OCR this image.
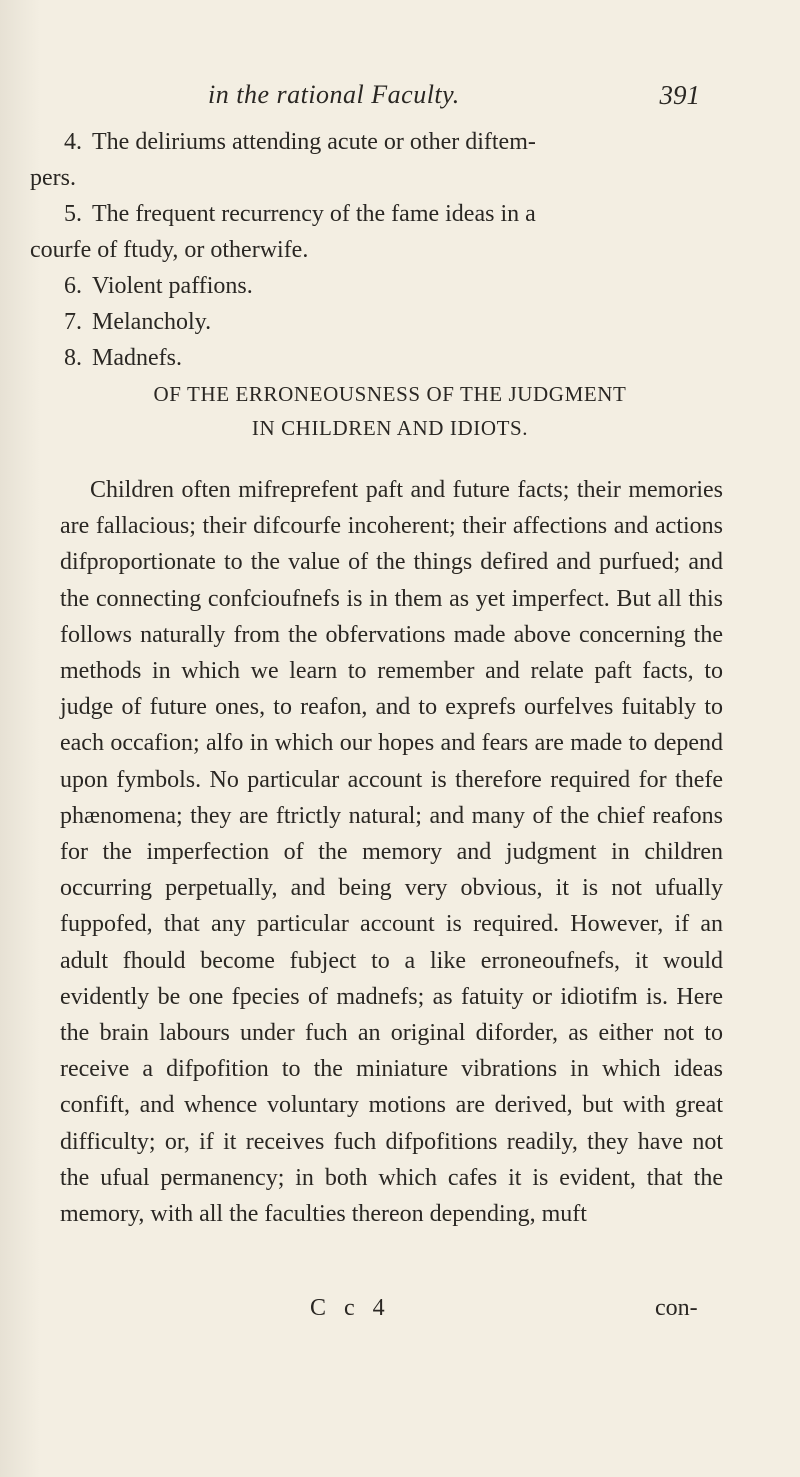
in the rational Faculty.	391
4. The deliriums attending acute or other diftem-
pers.
5. The frequent recurrency of the fame ideas in a
courfe of ftudy, or otherwife.
6. Violent paffions.
7. Melancholy.
8. Madnefs.
OF THE ERRONEOUSNESS OF THE JUDGMENT
IN CHILDREN AND IDIOTS.

Children often mifreprefent paft and future facts; their memories are fallacious; their difcourfe incoherent; their affections and actions difproportionate to the value of the things defired and purfued; and the connecting confcioufnefs is in them as yet imperfect. But all this follows naturally from the obfervations made above concerning the methods in which we learn to remember and relate paft facts, to judge of future ones, to reafon, and to exprefs ourfelves fuitably to each occafion; alfo in which our hopes and fears are made to depend upon fymbols. No particular account is therefore required for thefe phænomena; they are ftrictly natural; and many of the chief reafons for the imperfection of the memory and judgment in children occurring perpetually, and being very obvious, it is not ufually fuppofed, that any particular account is required. However, if an adult fhould become fubject to a like erroneoufnefs, it would evidently be one fpecies of madnefs; as fatuity or idiotifm is. Here the brain labours under fuch an original diforder, as either not to receive a difpofition to the miniature vibrations in which ideas confift, and whence voluntary motions are derived, but with great difficulty; or, if it receives fuch difpofitions readily, they have not the ufual permanency; in both which cafes it is evident, that the memory, with all the faculties thereon depending, muft

C c 4	con-
